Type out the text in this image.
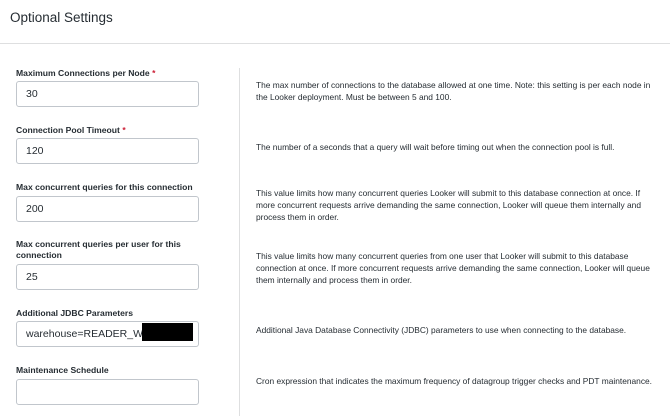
Optional Settings
Maximum Connections per Node *
30
The max number of connections to the database allowed at one time. Note: this setting is per each node in the Looker deployment. Must be between 5 and 100.
Connection Pool Timeout *
120
The number of a seconds that a query will wait before timing out when the connection pool is full.
Max concurrent queries for this connection
200
This value limits how many concurrent queries Looker will submit to this database connection at once. If more concurrent requests arrive demanding the same connection, Looker will queue them internally and process them in order.
Max concurrent queries per user for this connection
25	This value limits how many concurrent queries from one user that Looker will submit to this database connection at once. If more concurrent requests arrive demanding the same connection, Looker will queue them internally and process them in order.
Additional JDBC Parameters
warehouse=READER_WH_
Additional Java Database Connectivity (JDBC) parameters to use when connecting to the database.
Maintenance Schedule
Cron expression that indicates the maximum frequency of datagroup trigger checks and PDT maintenance.
